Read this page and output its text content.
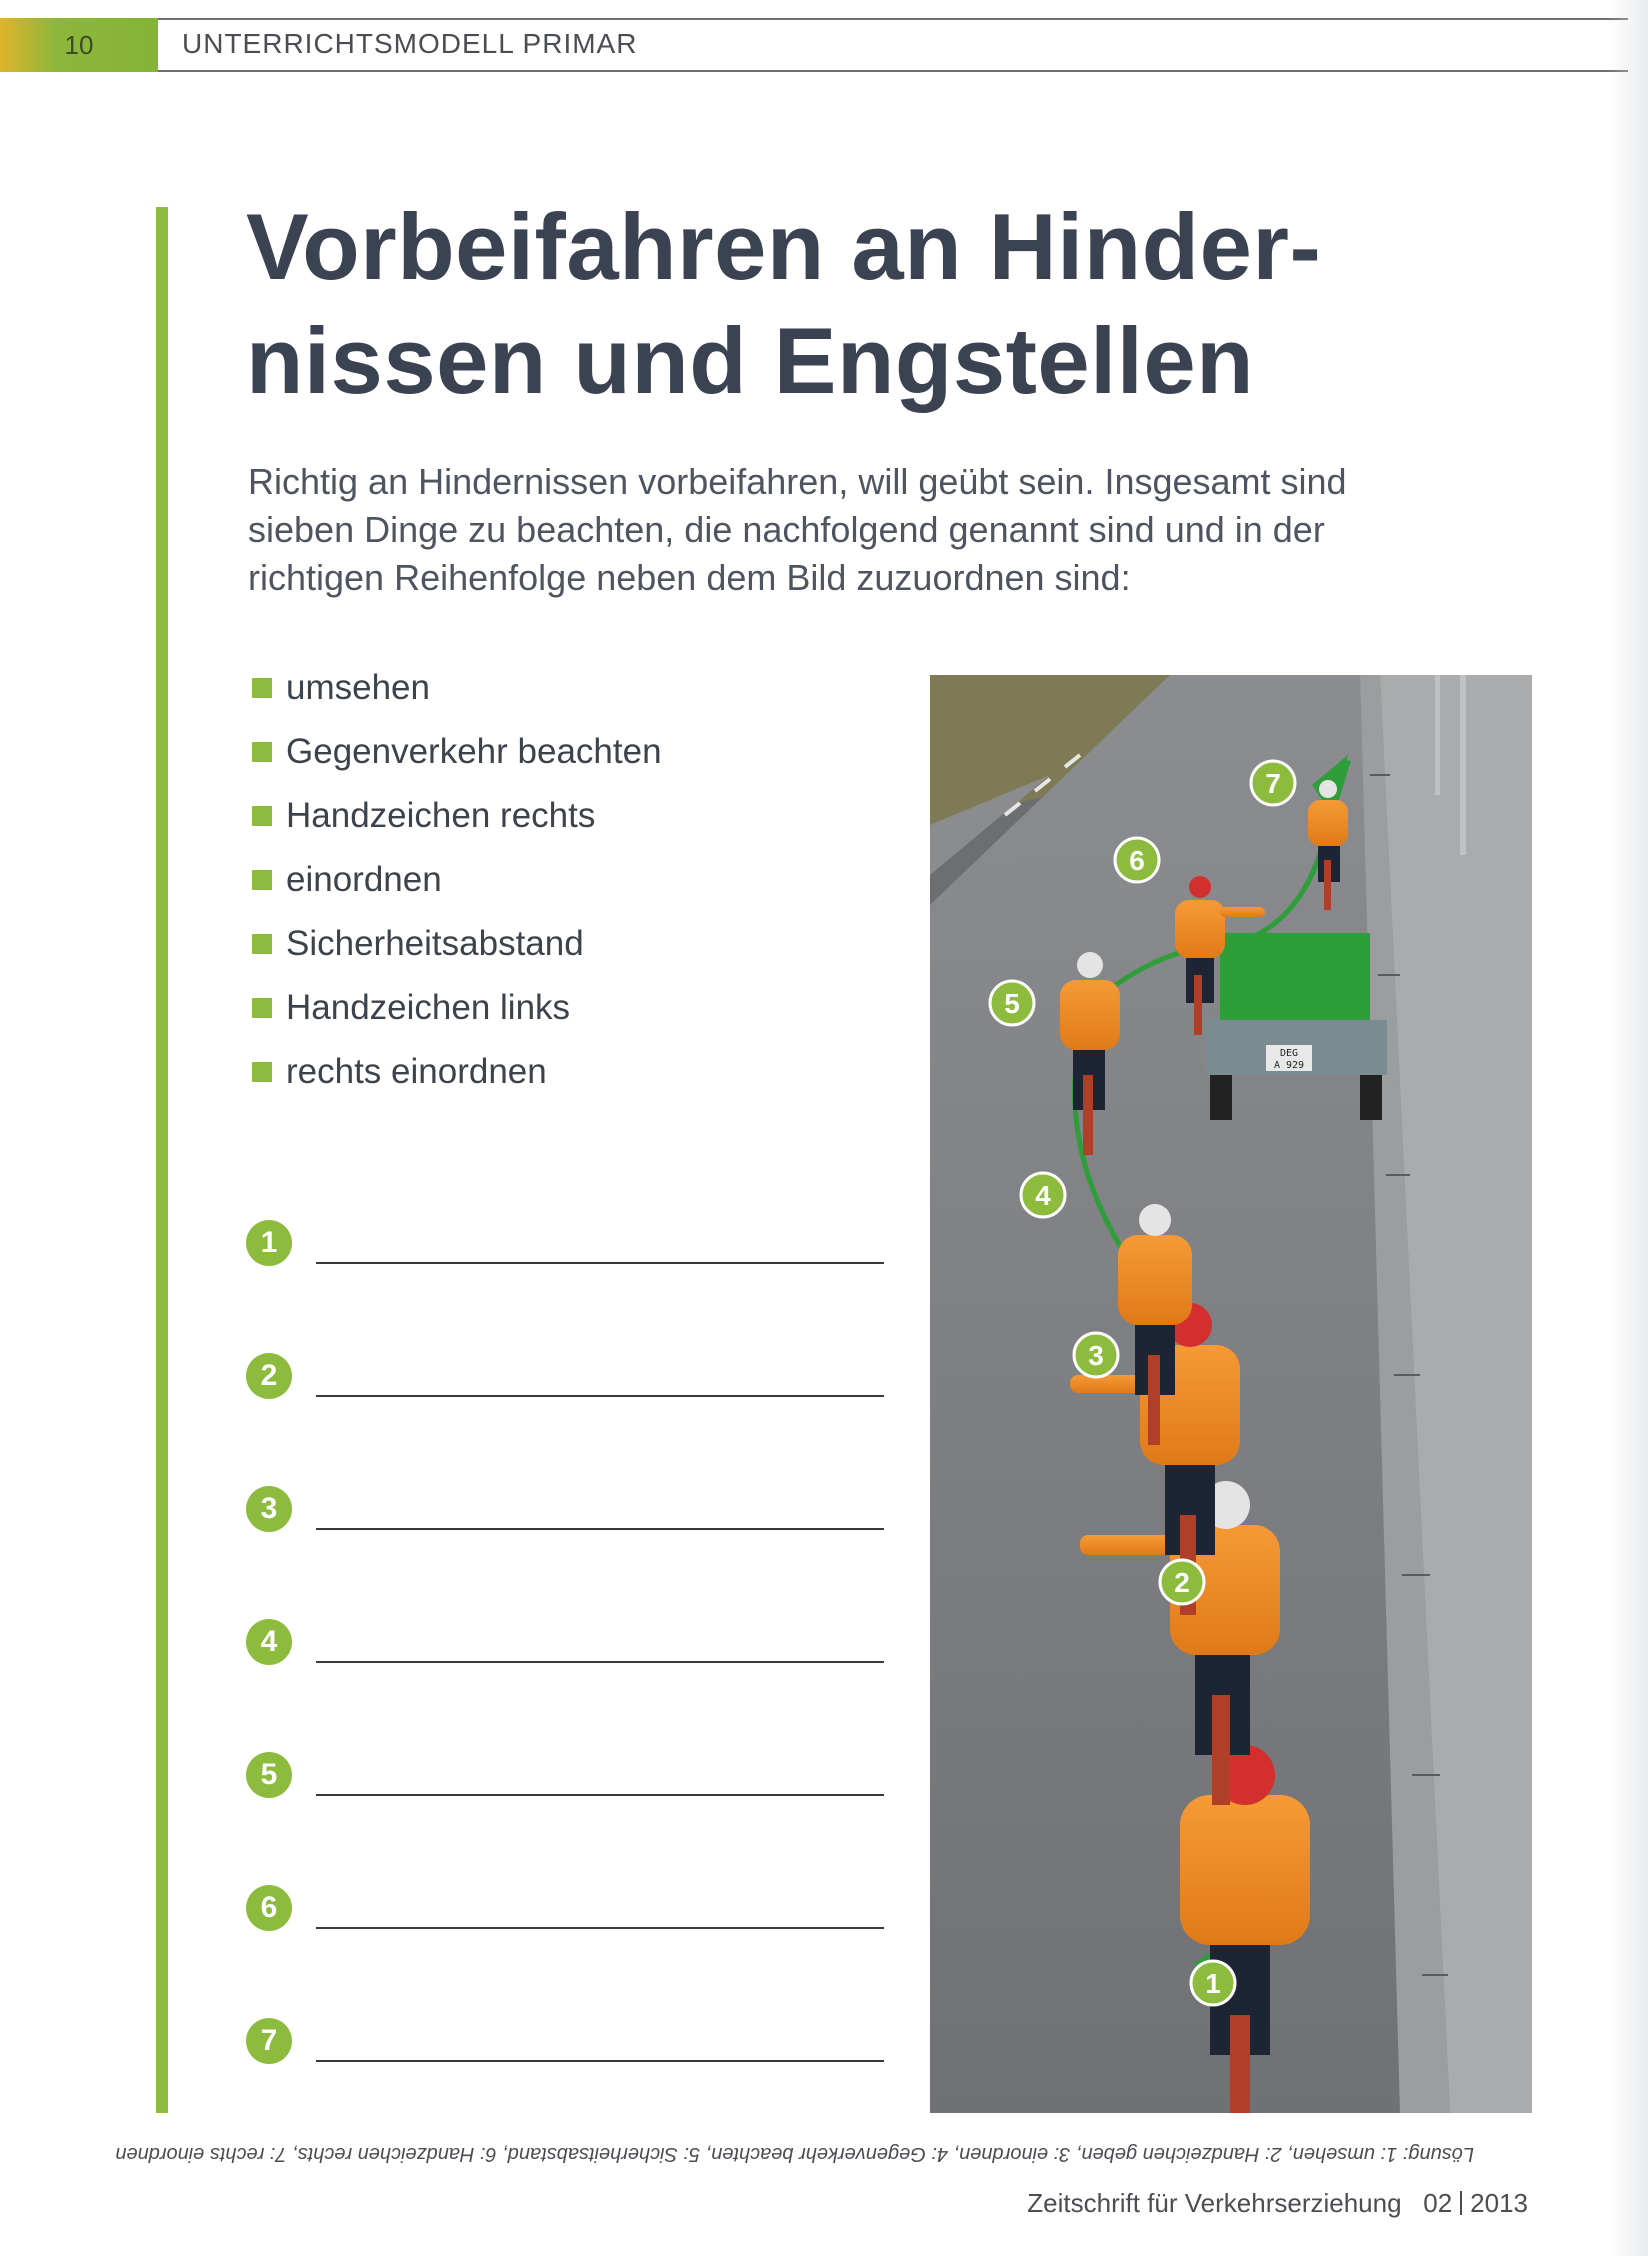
10	UNTERRICHTSMODELL PRIMAR
Vorbeifahren an Hinder-
nissen und Engstellen
Richtig an Hindernissen vorbeifahren, will geübt sein. Insgesamt sind
sieben Dinge zu beachten, die nachfolgend genannt sind und in der
richtigen Reihenfolge neben dem Bild zuzuordnen sind:
umsehen
Gegenverkehr beachten
Handzeichen rechts
einordnen
Sicherheitsabstand
Handzeichen links
rechts einordnen
1
2
3
4
5
6
7
DEG
A 929
1
2
3
4
5
6
7
Lösung: 1: umsehen, 2: Handzeichen geben, 3: einordnen, 4: Gegenverkehr beachten, 5: Sicherheitsabstand, 6: Handzeichen rechts, 7: rechts einordnen
Zeitschrift für Verkehrserziehung 02 2013
